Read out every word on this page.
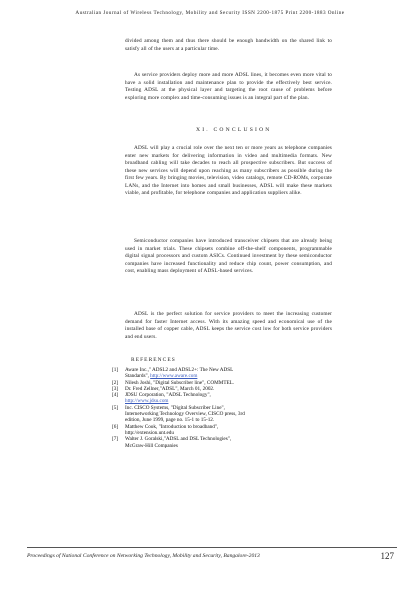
Australian Journal of Wireless Technology, Mobility and Security ISSN 2200-1875 Print 2200-1883 Online

divided among them and thus there should be enough bandwidth on the shared link to satisfy all of the users at a particular time.

As service providers deploy more and more ADSL lines, it becomes even more vital to have a solid installation and maintenance plan to provide the effectively best service. Testing ADSL at the physical layer and targeting the root cause of problems before exploring more complex and time-consuming issues is an integral part of the plan.

XI. CONCLUSION

ADSL will play a crucial role over the next ten or more years as telephone companies enter new markets for delivering information in video and multimedia formats. New broadband cabling will take decades to reach all prospective subscribers. But success of these new services will depend upon reaching as many subscribers as possible during the first few years. By bringing movies, television, video catalogs, remote CD-ROMs, corporate LANs, and the Internet into homes and small businesses, ADSL will make these markets viable, and profitable, for telephone companies and application suppliers alike.

Semiconductor companies have introduced transceiver chipsets that are already being used in market trials. These chipsets combine off-the-shelf components, programmable digital signal processors and custom ASICs. Continued investment by these semiconductor companies have increased functionality and reduce chip count, power consumption, and cost, enabling mass deployment of ADSL-based services.

ADSL is the perfect solution for service providers to meet the increasing customer demand for faster Internet access. With its amazing speed and economical use of the installed base of copper cable, ADSL keeps the service cost low for both service providers and end users.

REFERENCES
[1] Aware Inc.," ADSL2 and ADSL2+: The New ADSL
Standards", http://www.aware.com
[2] Nilesh Joshi, "Digital Subscriber line", COMMTEL.
[3] Dr. Fred Zellner,"ADSL", March 01, 2002.
[4] JDSU Corporation, "ADSL Technology",
http://www.jdsu.com
[5] Inc. CISCO Systems, "Digital Subscriber Line",
Internetworking Technology Overview, CISCO press, 3rd
edition, June 1999, page no. 15-1 to 15-12.
[6] Matthew Cook, "Introduction to broadband",
http://extension.unt.edu
[7] Walter J. Goralski,"ADSL and DSL Technologies",
McGraw-Hill Companies
Proceedings of National Conference on Networking Technology, Mobility and Security, Bangalore-2013	127
